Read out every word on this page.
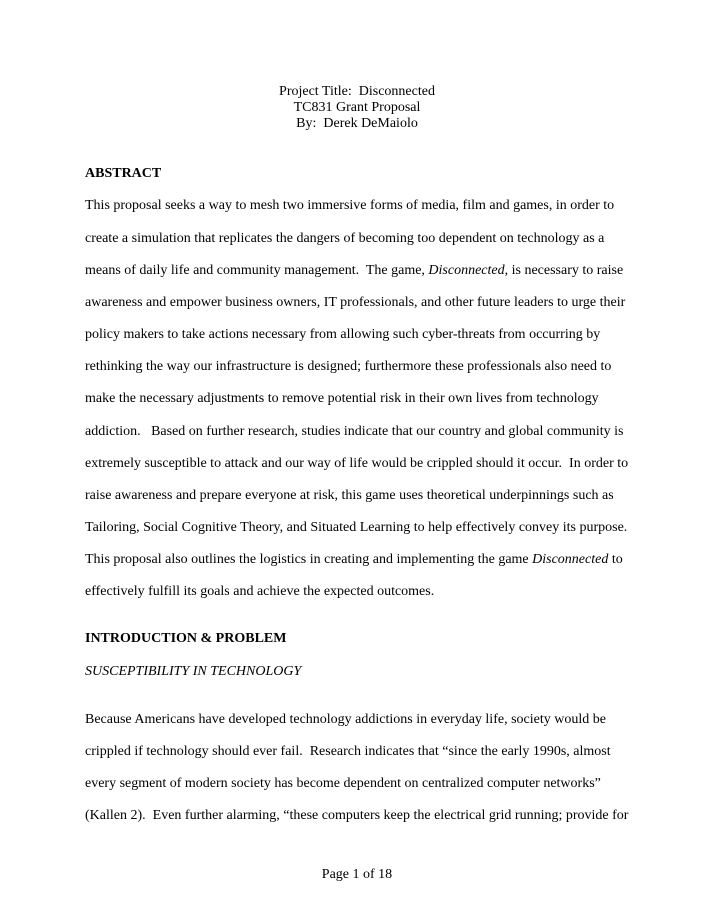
Project Title:  Disconnected
TC831 Grant Proposal
By:  Derek DeMaiolo
ABSTRACT
This proposal seeks a way to mesh two immersive forms of media, film and games, in order to
create a simulation that replicates the dangers of becoming too dependent on technology as a
means of daily life and community management.  The game, Disconnected, is necessary to raise
awareness and empower business owners, IT professionals, and other future leaders to urge their
policy makers to take actions necessary from allowing such cyber-threats from occurring by
rethinking the way our infrastructure is designed; furthermore these professionals also need to
make the necessary adjustments to remove potential risk in their own lives from technology
addiction.   Based on further research, studies indicate that our country and global community is
extremely susceptible to attack and our way of life would be crippled should it occur.  In order to
raise awareness and prepare everyone at risk, this game uses theoretical underpinnings such as
Tailoring, Social Cognitive Theory, and Situated Learning to help effectively convey its purpose.
This proposal also outlines the logistics in creating and implementing the game Disconnected to
effectively fulfill its goals and achieve the expected outcomes.
INTRODUCTION & PROBLEM
SUSCEPTIBILITY IN TECHNOLOGY
Because Americans have developed technology addictions in everyday life, society would be
crippled if technology should ever fail.  Research indicates that “since the early 1990s, almost
every segment of modern society has become dependent on centralized computer networks”
(Kallen 2).  Even further alarming, “these computers keep the electrical grid running; provide for
Page 1 of 18
